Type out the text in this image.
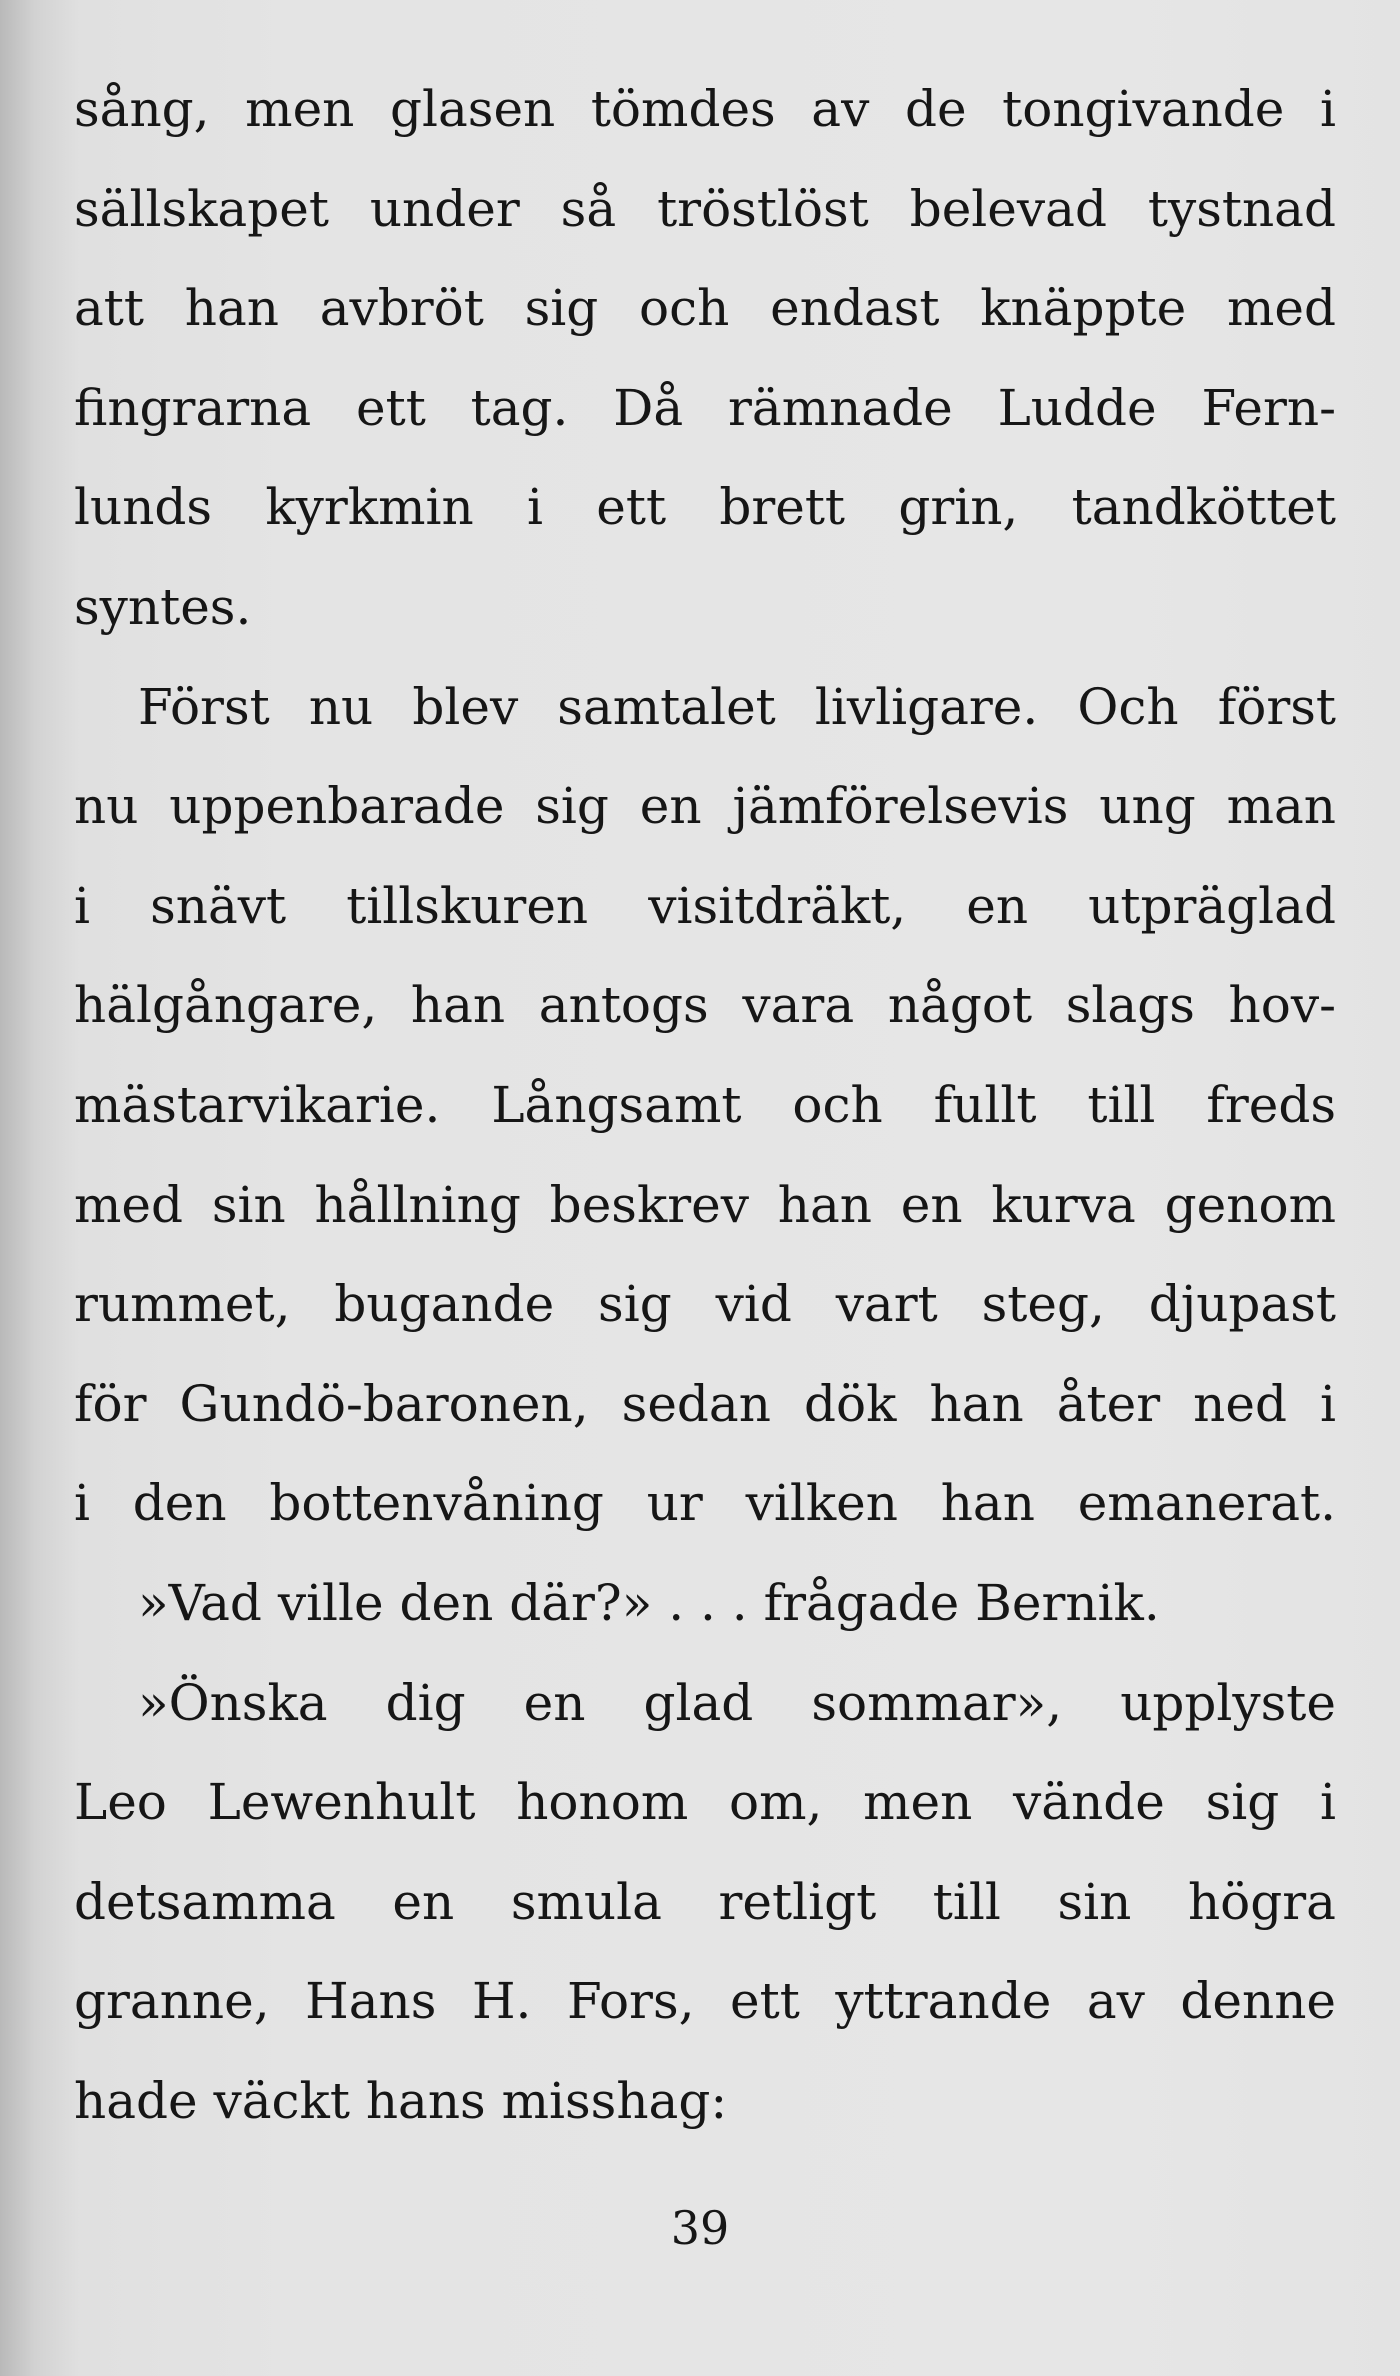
sång, men glasen tömdes av de tongivande i
sällskapet under så tröstlöst belevad tystnad
att han avbröt sig och endast knäppte med
fingrarna ett tag. Då rämnade Ludde Fern-
lunds kyrkmin i ett brett grin, tandköttet
syntes.
Först nu blev samtalet livligare. Och först
nu uppenbarade sig en jämförelsevis ung man
i snävt tillskuren visitdräkt, en utpräglad
hälgångare, han antogs vara något slags hov-
mästarvikarie. Långsamt och fullt till freds
med sin hållning beskrev han en kurva genom
rummet, bugande sig vid vart steg, djupast
för Gundö-baronen, sedan dök han åter ned i
i den bottenvåning ur vilken han emanerat.
»Vad ville den där?» . . . frågade Bernik.
»Önska dig en glad sommar», upplyste
Leo Lewenhult honom om, men vände sig i
detsamma en smula retligt till sin högra
granne, Hans H. Fors, ett yttrande av denne
hade väckt hans misshag:
39
